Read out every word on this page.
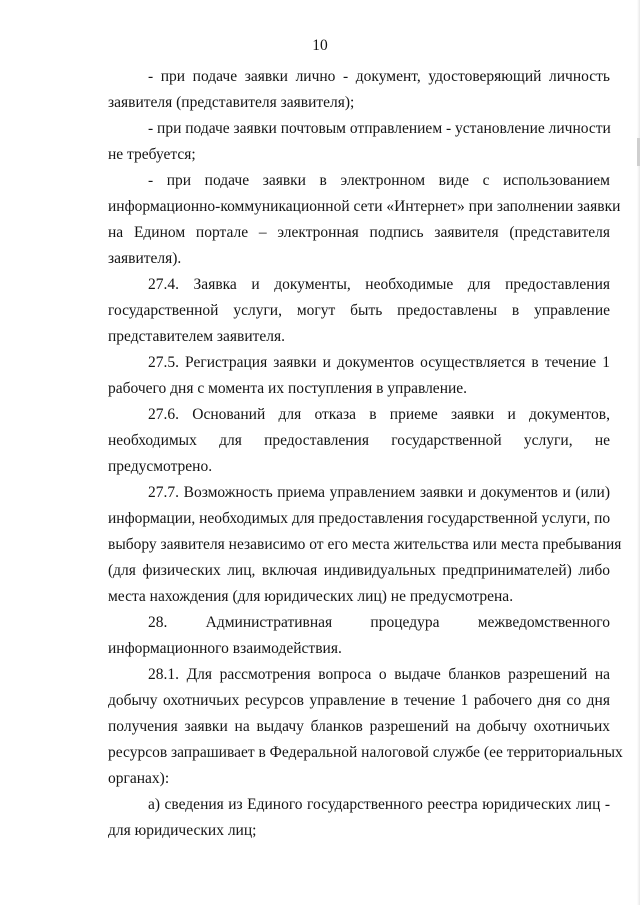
10
- при подаче заявки лично - документ, удостоверяющий личность
заявителя (представителя заявителя);
- при подаче заявки почтовым отправлением - установление личности
не требуется;
- при подаче заявки в электронном виде с использованием
информационно-коммуникационной сети «Интернет» при заполнении заявки
на Едином портале – электронная подпись заявителя (представителя
заявителя).
27.4. Заявка и документы, необходимые для предоставления
государственной услуги, могут быть предоставлены в управление
представителем заявителя.
27.5. Регистрация заявки и документов осуществляется в течение 1
рабочего дня с момента их поступления в управление.
27.6. Оснований для отказа в приеме заявки и документов,
необходимых для предоставления государственной услуги, не
предусмотрено.
27.7. Возможность приема управлением заявки и документов и (или)
информации, необходимых для предоставления государственной услуги, по
выбору заявителя независимо от его места жительства или места пребывания
(для физических лиц, включая индивидуальных предпринимателей) либо
места нахождения (для юридических лиц) не предусмотрена.
28. Административная процедура межведомственного
информационного взаимодействия.
28.1. Для рассмотрения вопроса о выдаче бланков разрешений на
добычу охотничьих ресурсов управление в течение 1 рабочего дня со дня
получения заявки на выдачу бланков разрешений на добычу охотничьих
ресурсов запрашивает в Федеральной налоговой службе (ее территориальных
органах):
а) сведения из Единого государственного реестра юридических лиц -
для юридических лиц;
